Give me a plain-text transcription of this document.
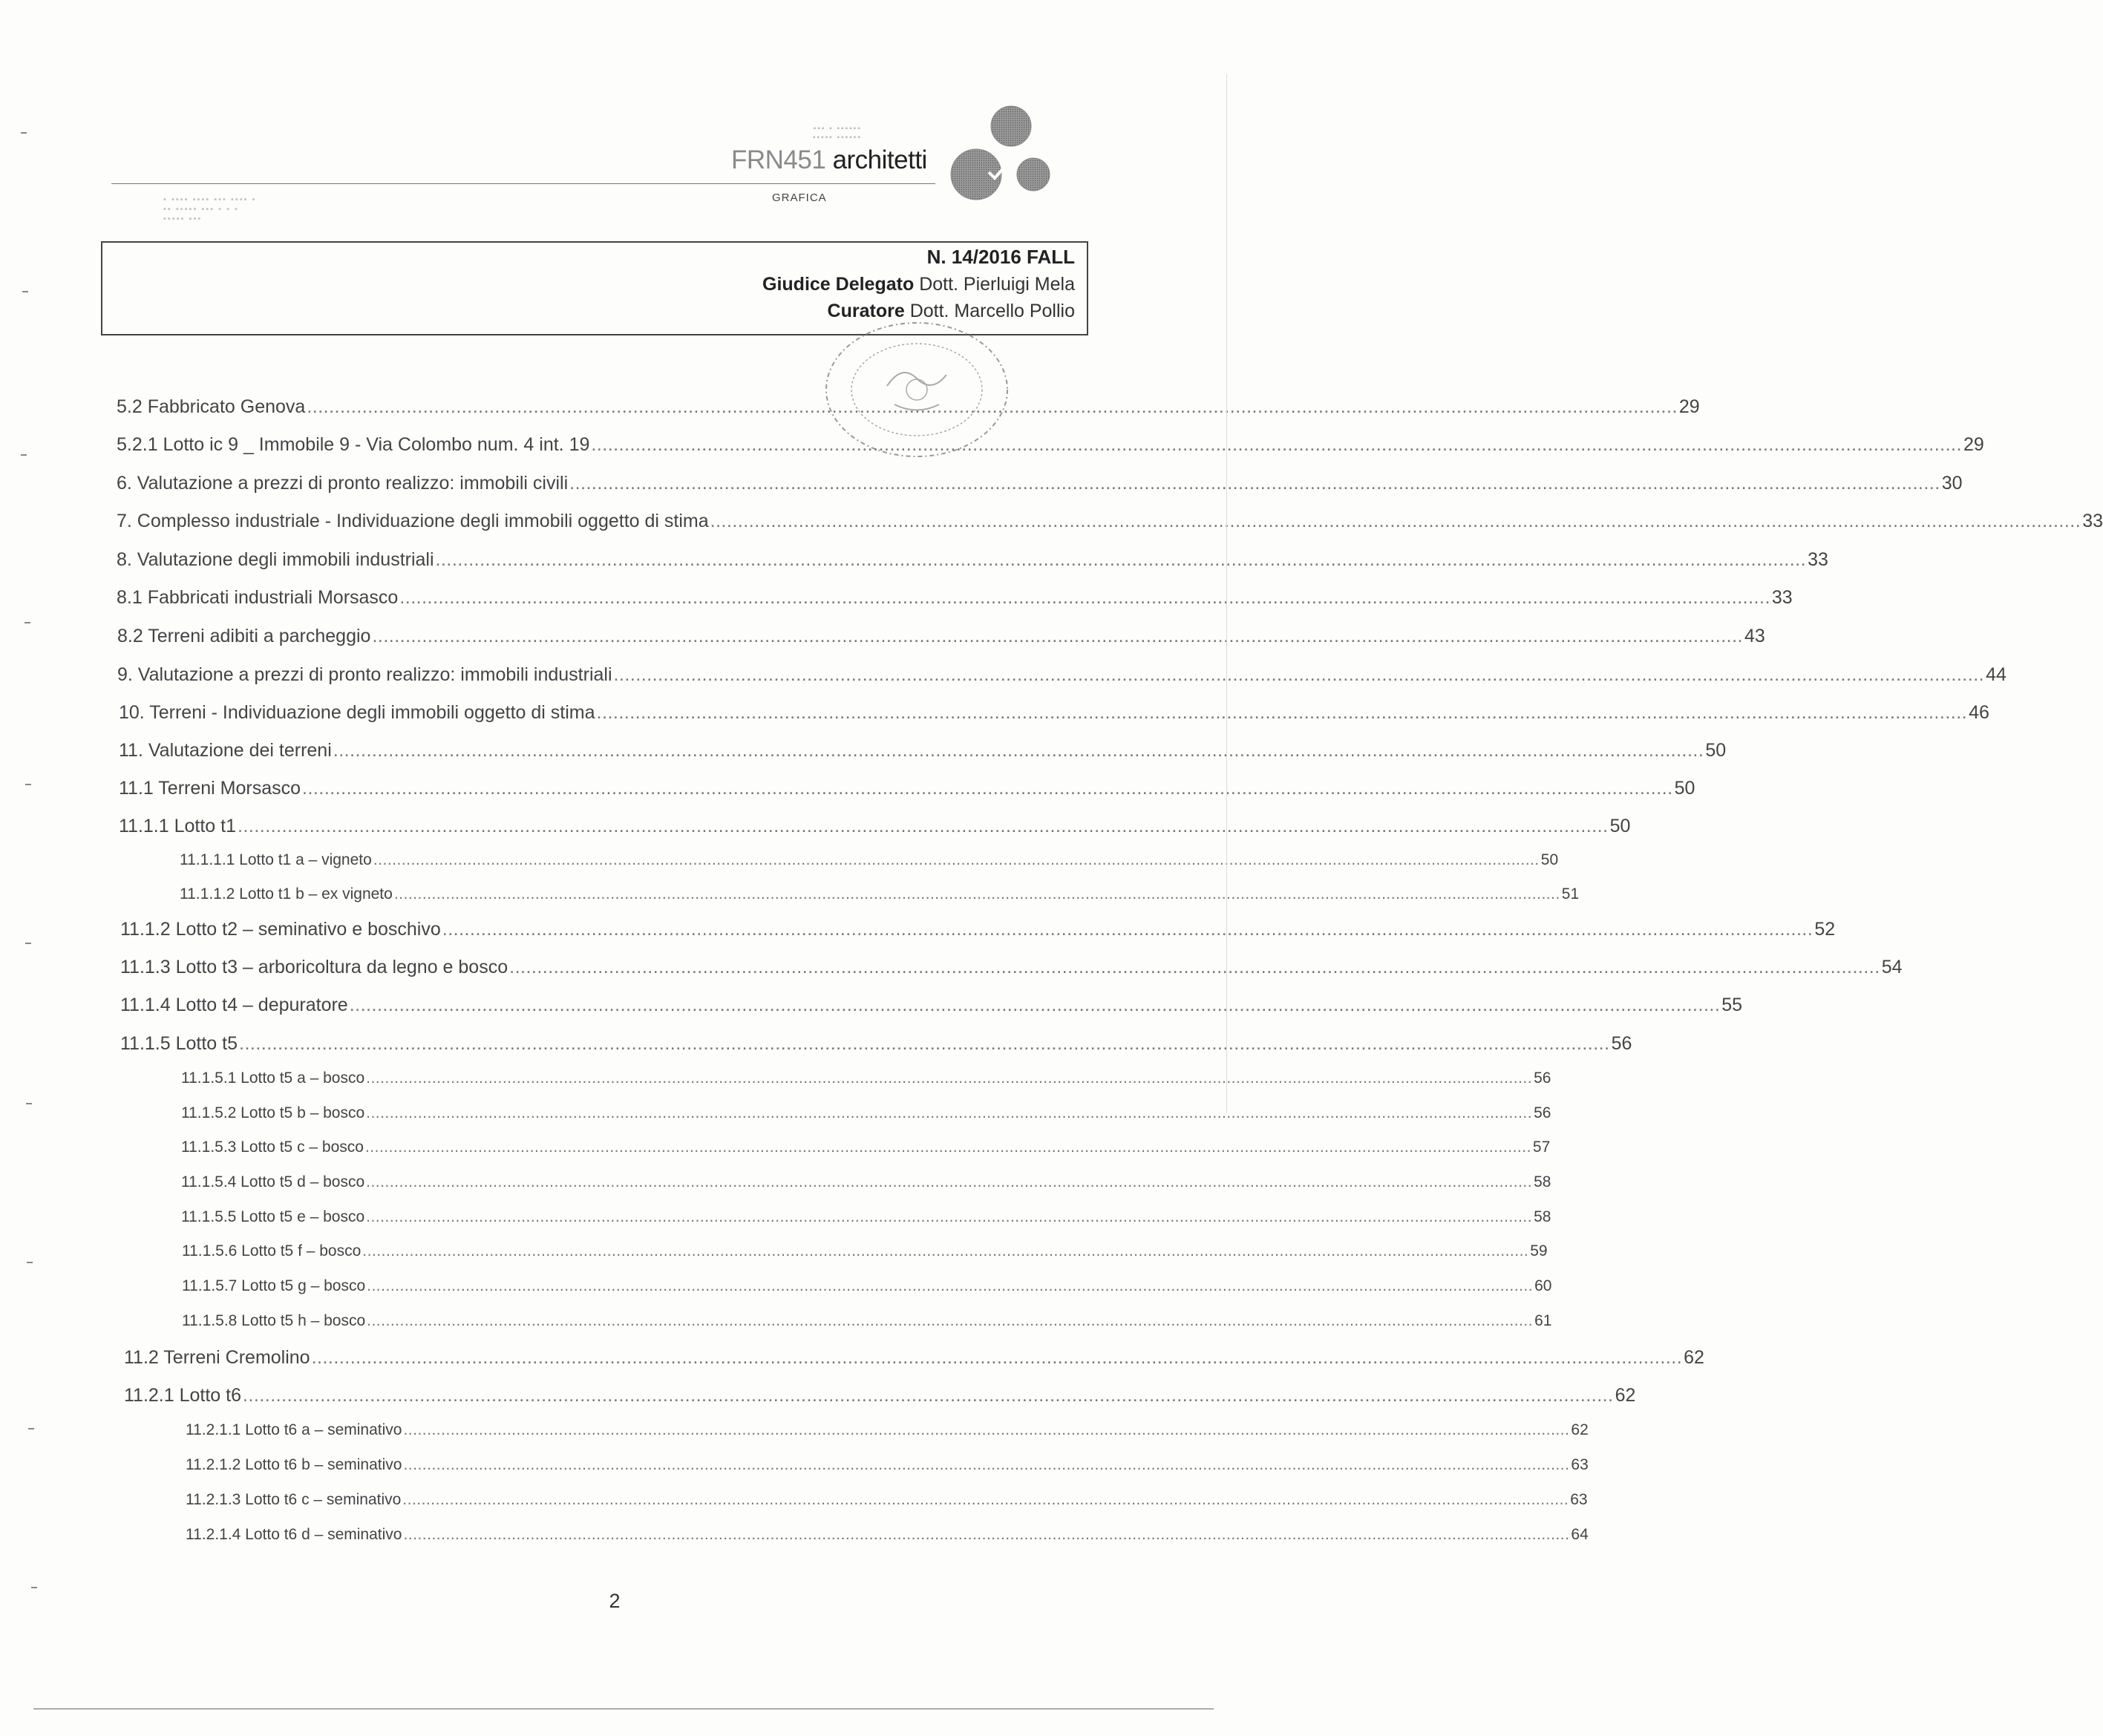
▪▪▪ ▪ ▪▪▪▪▪▪
▪▪▪▪▪ ▪▪▪▪▪▪
FRN451 architetti
GRAFICA
▪ ▪▪▪▪ ▪▪▪▪ ▪▪▪ ▪▪▪▪ ▪
▪▪ ▪▪▪▪▪ ▪▪▪ ▪ ▪ ▪
▪▪▪▪▪ ▪▪▪
N. 14/2016 FALL
Giudice Delegato Dott. Pierluigi Mela
Curatore Dott. Marcello Pollio
5.2 Fabbricato Genova ........................................................................................................................................................................................................................................................ 29
5.2.1 Lotto ic 9 _ Immobile 9 - Via Colombo num. 4 int. 19 ........................................................................................................................................................................................................................................................ 29
6. Valutazione a prezzi di pronto realizzo: immobili civili ........................................................................................................................................................................................................................................................ 30
7. Complesso industriale - Individuazione degli immobili oggetto di stima ........................................................................................................................................................................................................................................................ 33
8. Valutazione degli immobili industriali ........................................................................................................................................................................................................................................................ 33
8.1 Fabbricati industriali Morsasco ........................................................................................................................................................................................................................................................ 33
8.2 Terreni adibiti a parcheggio ........................................................................................................................................................................................................................................................ 43
9. Valutazione a prezzi di pronto realizzo: immobili industriali ........................................................................................................................................................................................................................................................ 44
10. Terreni - Individuazione degli immobili oggetto di stima ........................................................................................................................................................................................................................................................ 46
11. Valutazione dei terreni ........................................................................................................................................................................................................................................................ 50
11.1 Terreni Morsasco ........................................................................................................................................................................................................................................................ 50
11.1.1 Lotto t1 ........................................................................................................................................................................................................................................................ 50
11.1.1.1 Lotto t1 a – vigneto ........................................................................................................................................................................................................................................................ 50
11.1.1.2 Lotto t1 b – ex vigneto ........................................................................................................................................................................................................................................................ 51
11.1.2 Lotto t2 – seminativo e boschivo ........................................................................................................................................................................................................................................................ 52
11.1.3 Lotto t3 – arboricoltura da legno e bosco ........................................................................................................................................................................................................................................................ 54
11.1.4 Lotto t4 – depuratore ........................................................................................................................................................................................................................................................ 55
11.1.5 Lotto t5 ........................................................................................................................................................................................................................................................ 56
11.1.5.1 Lotto t5 a – bosco ........................................................................................................................................................................................................................................................ 56
11.1.5.2 Lotto t5 b – bosco ........................................................................................................................................................................................................................................................ 56
11.1.5.3 Lotto t5 c – bosco ........................................................................................................................................................................................................................................................ 57
11.1.5.4 Lotto t5 d – bosco ........................................................................................................................................................................................................................................................ 58
11.1.5.5 Lotto t5 e – bosco ........................................................................................................................................................................................................................................................ 58
11.1.5.6 Lotto t5 f – bosco ........................................................................................................................................................................................................................................................ 59
11.1.5.7 Lotto t5 g – bosco ........................................................................................................................................................................................................................................................ 60
11.1.5.8 Lotto t5 h – bosco ........................................................................................................................................................................................................................................................ 61
11.2 Terreni Cremolino ........................................................................................................................................................................................................................................................ 62
11.2.1 Lotto t6 ........................................................................................................................................................................................................................................................ 62
11.2.1.1 Lotto t6 a – seminativo ........................................................................................................................................................................................................................................................ 62
11.2.1.2 Lotto t6 b – seminativo ........................................................................................................................................................................................................................................................ 63
11.2.1.3 Lotto t6 c – seminativo ........................................................................................................................................................................................................................................................ 63
11.2.1.4 Lotto t6 d – seminativo ........................................................................................................................................................................................................................................................ 64
2
